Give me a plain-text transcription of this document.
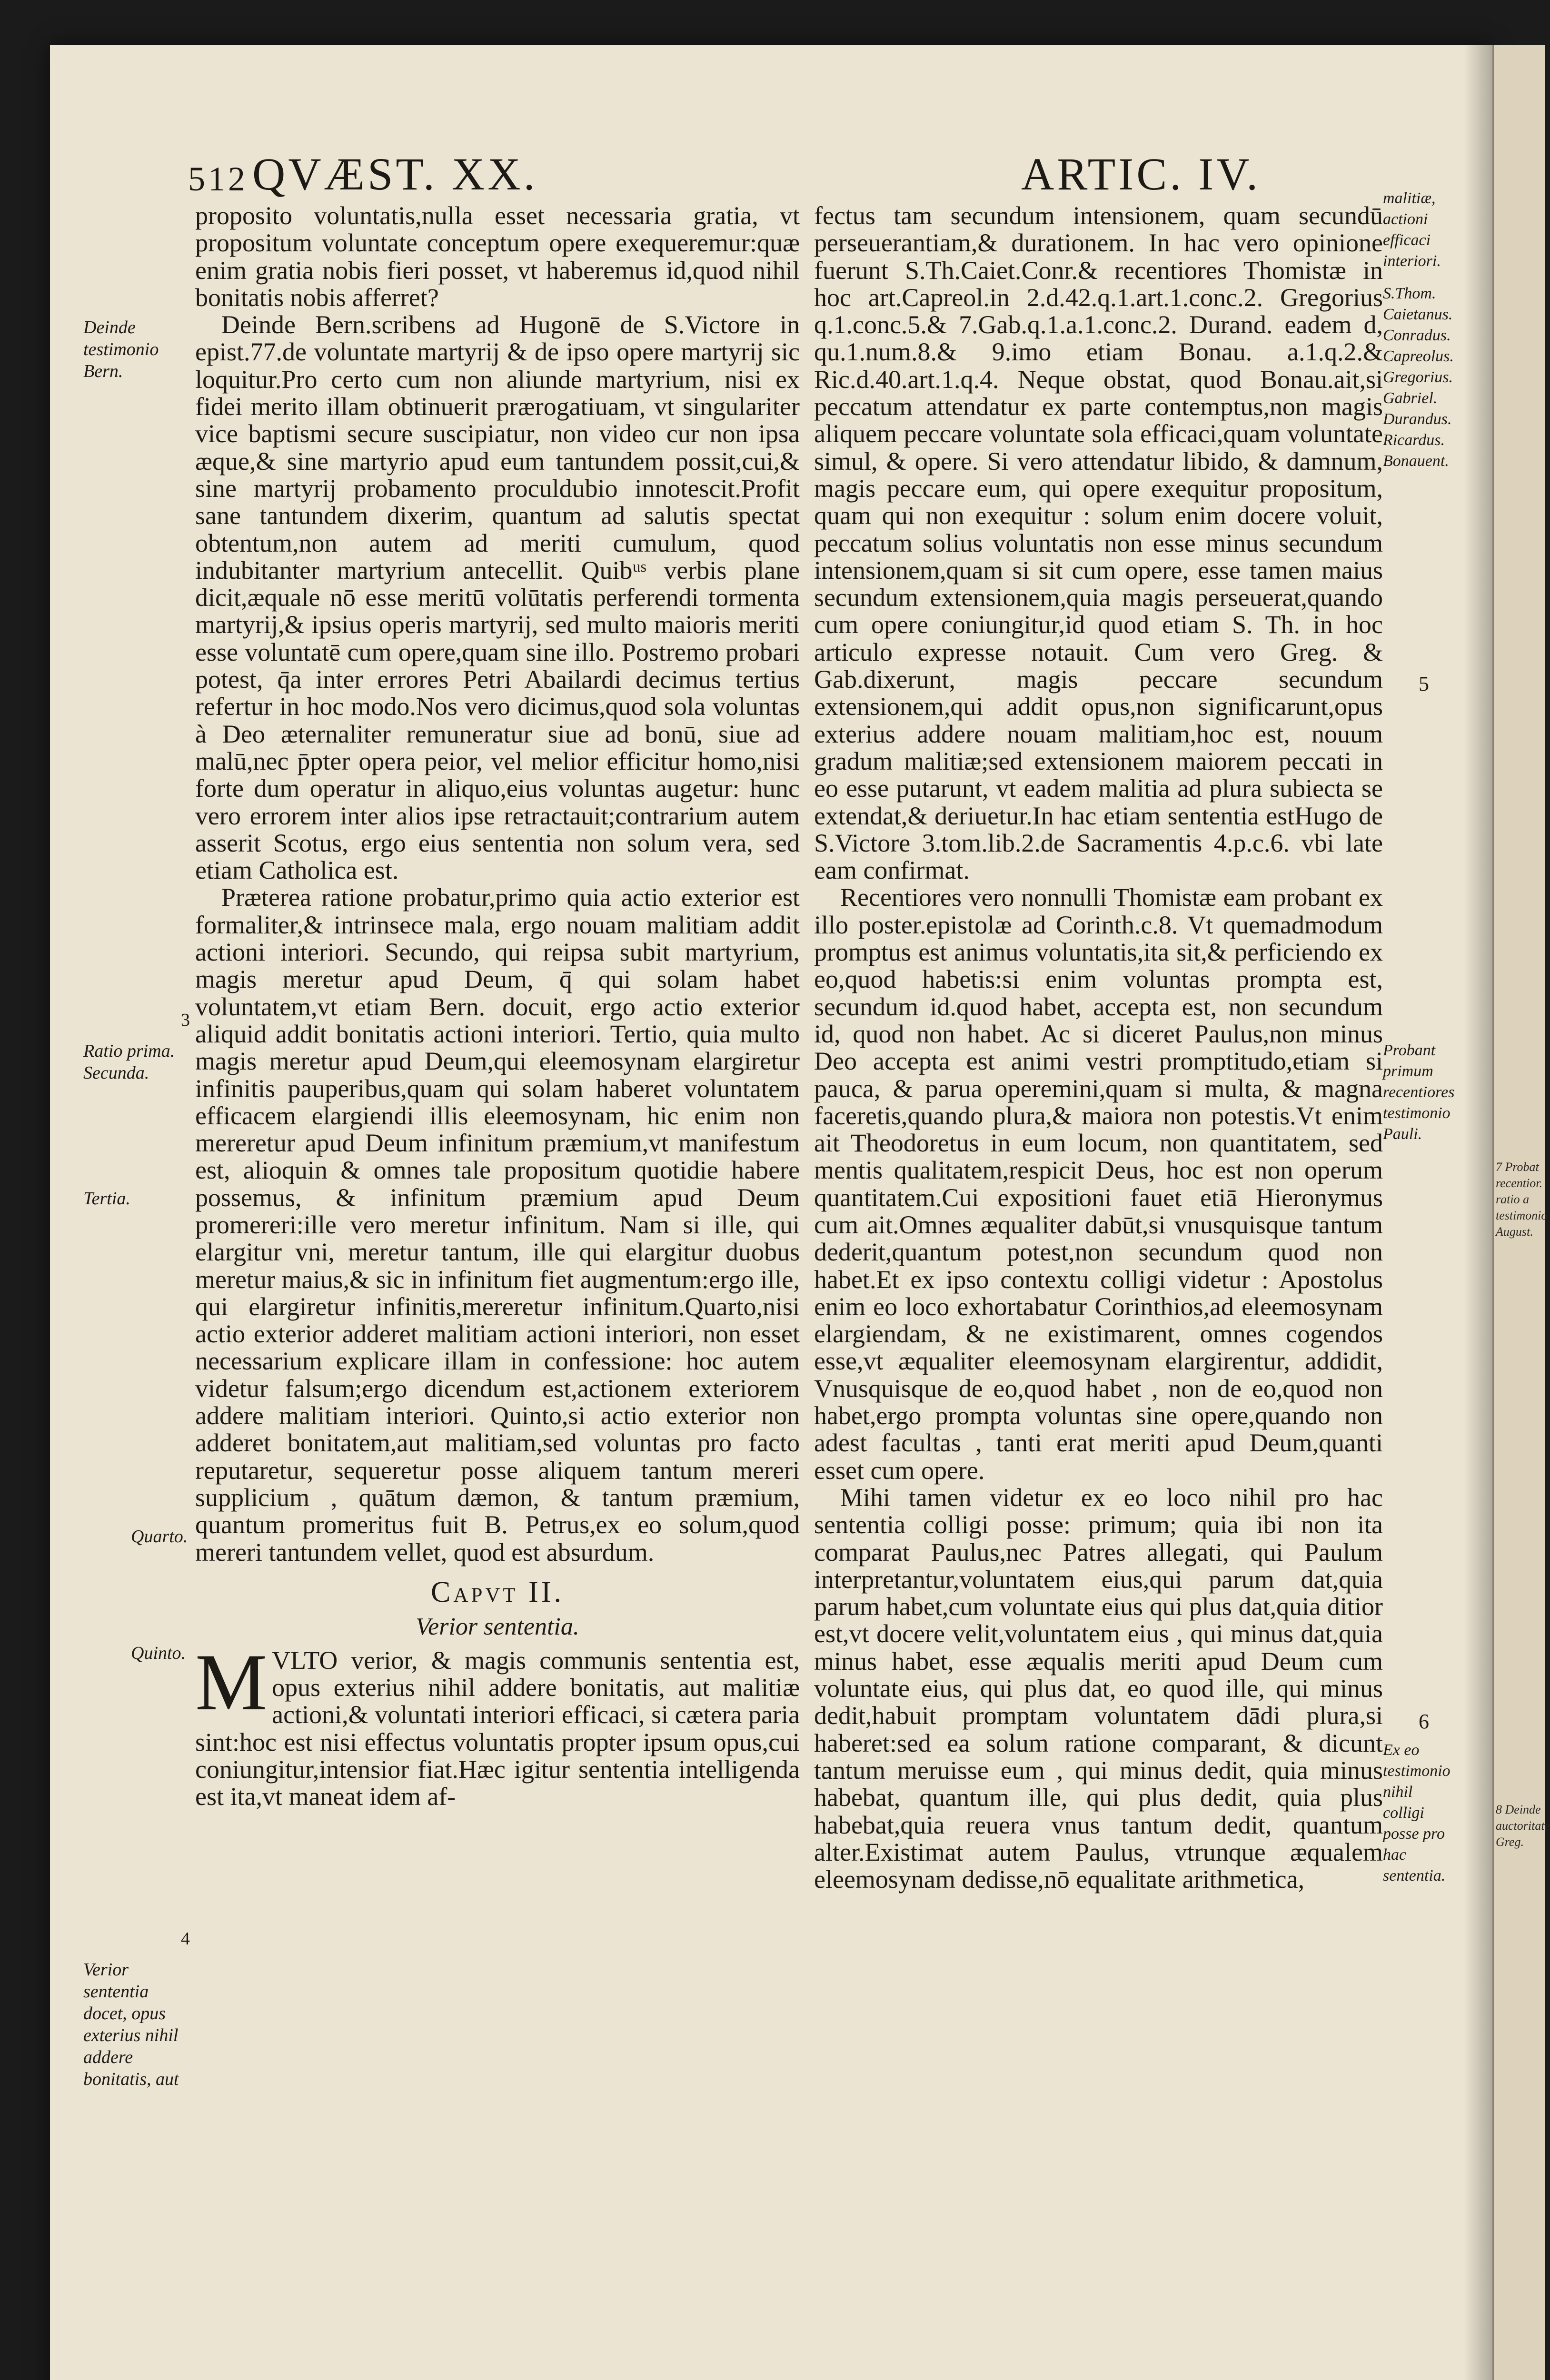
512 QVÆST. XX.	ARTIC. IV.

proposito voluntatis,nulla esset necessaria gratia, vt propositum voluntate conceptum opere exequeremur:quæ enim gratia nobis fieri posset, vt haberemus id,quod nihil bonitatis nobis afferret?

Deinde Bern.scribens ad Hugonē de S.Victore in epist.77.de voluntate martyrij & de ipso opere martyrij sic loquitur.Pro certo cum non aliunde martyrium, nisi ex fidei merito illam obtinuerit prærogatiuam, vt singulariter vice baptismi secure suscipiatur, non video cur non ipsa æque,& sine martyrio apud eum tantundem possit,cui,& sine martyrij probamento proculdubio innotescit.Profit sane tantundem dixerim, quantum ad salutis spectat obtentum,non autem ad meriti cumulum, quod indubitanter martyrium antecellit. Quibᵘˢ verbis plane dicit,æquale nō esse meritū volūtatis perferendi tormenta martyrij,& ipsius operis martyrij, sed multo maioris meriti esse voluntatē cum opere,quam sine illo. Postremo probari potest, q̄a inter errores Petri Abailardi decimus tertius refertur in hoc modo.Nos vero dicimus,quod sola voluntas à Deo æternaliter remuneratur siue ad bonū, siue ad malū,nec p̄pter opera peior, vel melior efficitur homo,nisi forte dum operatur in aliquo,eius voluntas augetur: hunc vero errorem inter alios ipse retractauit;contrarium autem asserit Scotus, ergo eius sententia non solum vera, sed etiam Catholica est.

Præterea ratione probatur,primo quia actio exterior est formaliter,& intrinsece mala, ergo nouam malitiam addit actioni interiori. Secundo, qui reipsa subit martyrium, magis meretur apud Deum, q̄ qui solam habet voluntatem,vt etiam Bern. docuit, ergo actio exterior aliquid addit bonitatis actioni interiori. Tertio, quia multo magis meretur apud Deum,qui eleemosynam elargiretur infinitis pauperibus,quam qui solam haberet voluntatem efficacem elargiendi illis eleemosynam, hic enim non mereretur apud Deum infinitum præmium,vt manifestum est, alioquin & omnes tale propositum quotidie habere possemus, & infinitum præmium apud Deum promereri:ille vero meretur infinitum. Nam si ille, qui elargitur vni, meretur tantum, ille qui elargitur duobus meretur maius,& sic in infinitum fiet augmentum:ergo ille, qui elargiretur infinitis,mereretur infinitum.Quarto,nisi actio exterior adderet malitiam actioni interiori, non esset necessarium explicare illam in confessione: hoc autem videtur falsum;ergo dicendum est,actionem exteriorem addere malitiam interiori. Quinto,si actio exterior non adderet bonitatem,aut malitiam,sed voluntas pro facto reputaretur, sequeretur posse aliquem tantum mereri supplicium , quātum dæmon, & tantum præmium, quantum promeritus fuit B. Petrus,ex eo solum,quod mereri tantundem vellet, quod est absurdum.

Capvt II.
Verior sententia.

M VLTO verior, & magis communis sententia est, opus exterius nihil addere bonitatis, aut malitiæ actioni,& voluntati interiori efficaci, si cætera paria sint:hoc est nisi effectus voluntatis propter ipsum opus,cui coniungitur,intensior fiat.Hæc igitur sententia intelligenda est ita,vt maneat idem af-

fectus tam secundum intensionem, quam secundū perseuerantiam,& durationem. In hac vero opinione fuerunt S.Th.Caiet.Conr.& recentiores Thomistæ in hoc art.Capreol.in 2.d.42.q.1.art.1.conc.2. Gregorius q.1.conc.5.& 7.Gab.q.1.a.1.conc.2. Durand. eadem d, qu.1.num.8.& 9.imo etiam Bonau. a.1.q.2.& Ric.d.40.art.1.q.4. Neque obstat, quod Bonau.ait,si peccatum attendatur ex parte contemptus,non magis aliquem peccare voluntate sola efficaci,quam voluntate simul, & opere. Si vero attendatur libido, & damnum, magis peccare eum, qui opere exequitur propositum, quam qui non exequitur : solum enim docere voluit, peccatum solius voluntatis non esse minus secundum intensionem,quam si sit cum opere, esse tamen maius secundum extensionem,quia magis perseuerat,quando cum opere coniungitur,id quod etiam S. Th. in hoc articulo expresse notauit. Cum vero Greg. & Gab.dixerunt, magis peccare secundum extensionem,qui addit opus,non significarunt,opus exterius addere nouam malitiam,hoc est, nouum gradum malitiæ;sed extensionem maiorem peccati in eo esse putarunt, vt eadem malitia ad plura subiecta se extendat,& deriuetur.In hac etiam sententia estHugo de S.Victore 3.tom.lib.2.de Sacramentis 4.p.c.6. vbi late eam confirmat.

Recentiores vero nonnulli Thomistæ eam probant ex illo poster.epistolæ ad Corinth.c.8. Vt quemadmodum promptus est animus voluntatis,ita sit,& perficiendo ex eo,quod habetis:si enim voluntas prompta est, secundum id.quod habet, accepta est, non secundum id, quod non habet. Ac si diceret Paulus,non minus Deo accepta est animi vestri promptitudo,etiam si pauca, & parua operemini,quam si multa, & magna faceretis,quando plura,& maiora non potestis.Vt enim ait Theodoretus in eum locum, non quantitatem, sed mentis qualitatem,respicit Deus, hoc est non operum quantitatem.Cui expositioni fauet etiā Hieronymus cum ait.Omnes æqualiter dabūt,si vnusquisque tantum dederit,quantum potest,non secundum quod non habet.Et ex ipso contextu colligi videtur : Apostolus enim eo loco exhortabatur Corinthios,ad eleemosynam elargiendam, & ne existimarent, omnes cogendos esse,vt æqualiter eleemosynam elargirentur, addidit, Vnusquisque de eo,quod habet , non de eo,quod non habet,ergo prompta voluntas sine opere,quando non adest facultas , tanti erat meriti apud Deum,quanti esset cum opere.

Mihi tamen videtur ex eo loco nihil pro hac sententia colligi posse: primum; quia ibi non ita comparat Paulus,nec Patres allegati, qui Paulum interpretantur,voluntatem eius,qui parum dat,quia parum habet,cum voluntate eius qui plus dat,quia ditior est,vt docere velit,voluntatem eius , qui minus dat,quia minus habet, esse æqualis meriti apud Deum cum voluntate eius, qui plus dat, eo quod ille, qui minus dedit,habuit promptam voluntatem dādi plura,si haberet:sed ea solum ratione comparant, & dicunt tantum meruisse eum , qui minus dedit, quia minus habebat, quantum ille, qui plus dedit, quia plus habebat,quia reuera vnus tantum dedit, quantum alter.Existimat autem Paulus, vtrunque æqualem eleemosynam dedisse,nō equalitate arithmetica,

Deinde testimonio Bern.
3
Ratio prima. Secunda.
Tertia.
Quarto.
Quinto.
4
Verior sententia docet, opus exterius nihil addere bonitatis, aut
malitiæ, actioni efficaci interiori.
S.Thom. Caietanus. Conradus. Capreolus. Gregorius. Gabriel. Durandus. Ricardus. Bonauent.
5
Probant primum recentiores testimonio Pauli.
6
Ex eo testimonio nihil colligi posse pro hac sententia.
7 Probat recentior. ratio a testimonio August.
8 Deinde auctoritate Greg.
